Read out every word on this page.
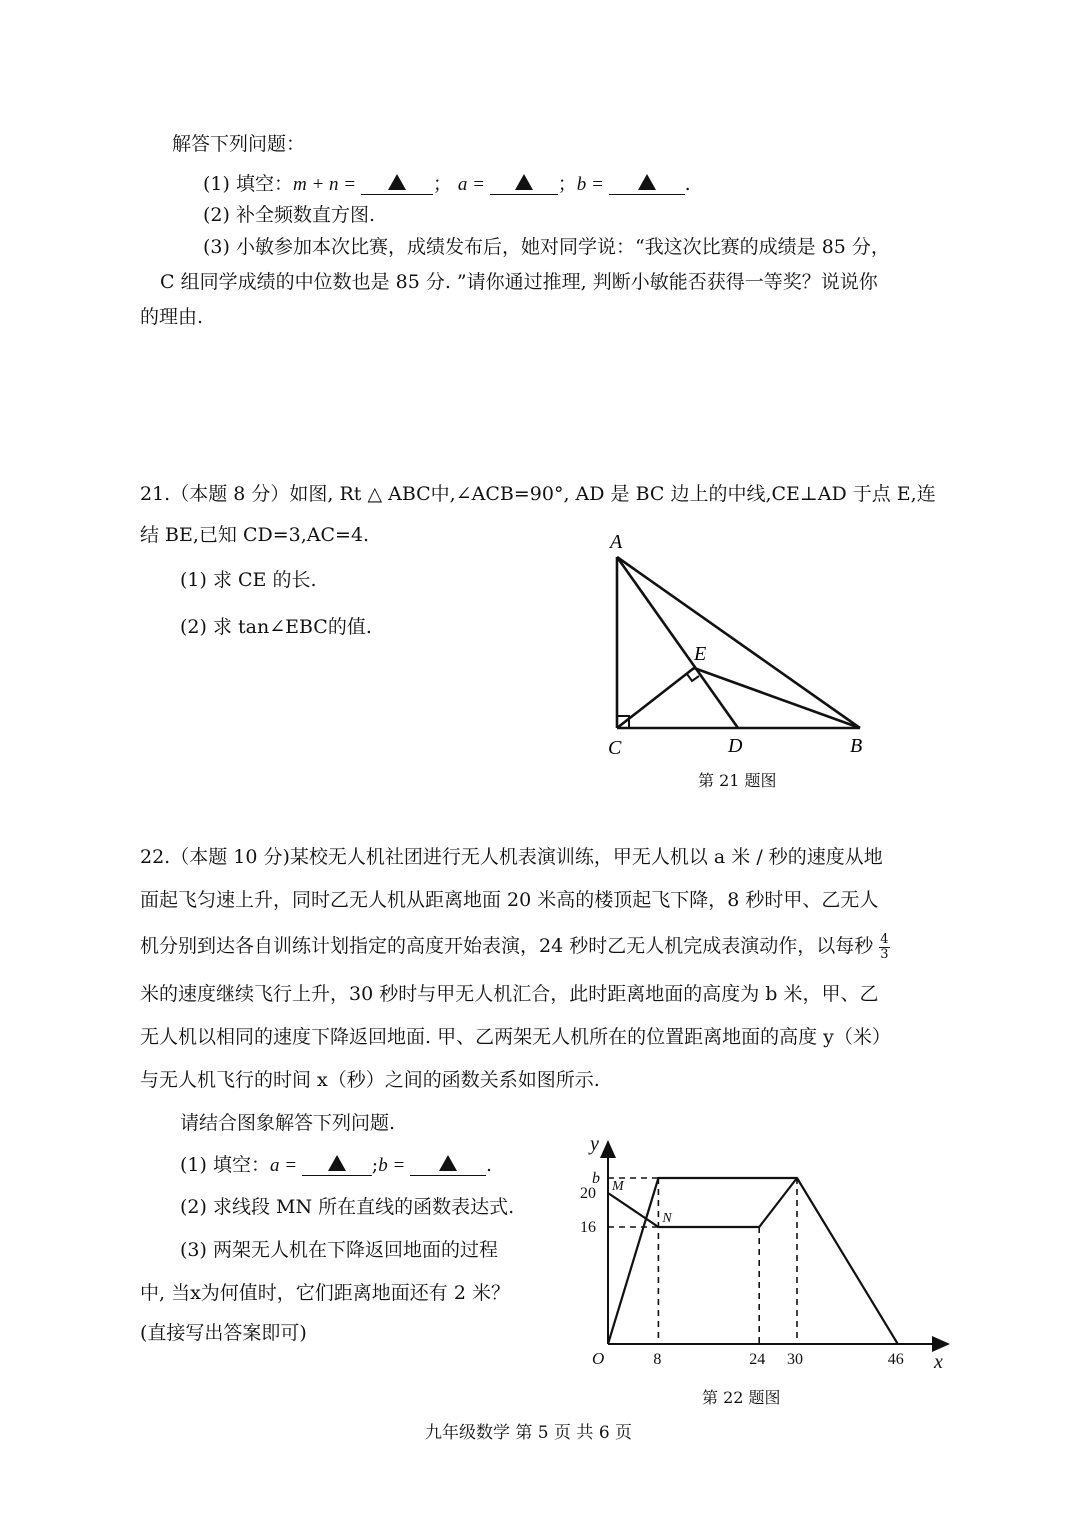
解答下列问题：
(1) 填空：m + n =	； a =	；b =	.
(2) 补全频数直方图.
(3) 小敏参加本次比赛，成绩发布后，她对同学说：“我这次比赛的成绩是 85 分，
C 组同学成绩的中位数也是 85 分. ”请你通过推理, 判断小敏能否获得一等奖？说说你
的理由.
21.（本题 8 分）如图, Rt △ ABC中,∠ACB=90°, AD 是 BC 边上的中线,CE⊥AD 于点 E,连
结 BE,已知 CD=3,AC=4.
(1) 求 CE 的长.
(2) 求 tan∠EBC的值.
A
E
C	D	B
第 21 题图
22.（本题 10 分)某校无人机社团进行无人机表演训练，甲无人机以 a 米 / 秒的速度从地
面起飞匀速上升，同时乙无人机从距离地面 20 米高的楼顶起飞下降，8 秒时甲、乙无人
机分别到达各自训练计划指定的高度开始表演，24 秒时乙无人机完成表演动作，以每秒 $\frac{4}{3}$
米的速度继续飞行上升，30 秒时与甲无人机汇合，此时距离地面的高度为 b 米，甲、乙
无人机以相同的速度下降返回地面. 甲、乙两架无人机所在的位置距离地面的高度 y（米）
与无人机飞行的时间 x（秒）之间的函数关系如图所示.
请结合图象解答下列问题.
(1) 填空：a =	;b =	.
(2) 求线段 MN 所在直线的函数表达式.
(3) 两架无人机在下降返回地面的过程
中, 当x为何值时，它们距离地面还有 2 米？
(直接写出答案即可)
y
x
O
b
20
16
8	24 30	46
M
N
第 22 题图
九年级数学 第 5 页 共 6 页
